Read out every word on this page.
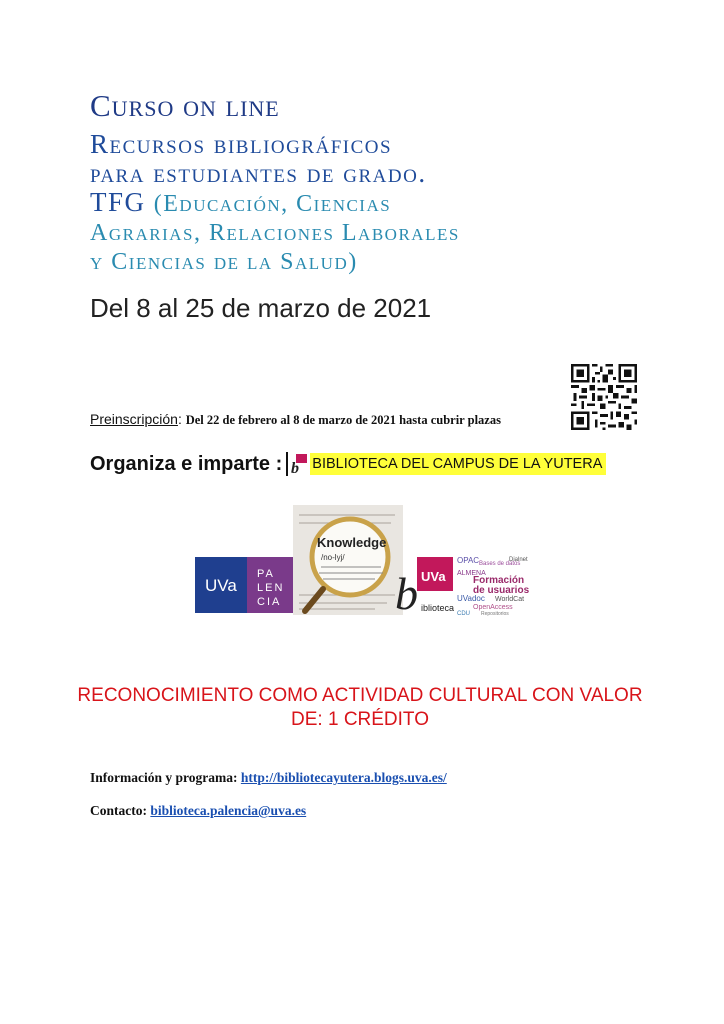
Curso on line
Recursos bibliográficos
para estudiantes de grado.
TFG (Educación, Ciencias
Agrarias, Relaciones Laborales
y Ciencias de la Salud)
Del 8 al 25 de marzo de 2021
Preinscripción: Del 22 de febrero al 8 de marzo de 2021 hasta cubrir plazas
Organiza e imparte : b BIBLIOTECA DEL CAMPUS DE LA YUTERA
UVa
PA
LEN
CIA
Knowledge
/no-lyj/
UVa
b iblioteca
OPAC Bases de datos
Dialnet
ALMENA
Formación
de usuarios
UVadoc WorldCat
OpenAccess
CDU Repositorios
RECONOCIMIENTO COMO ACTIVIDAD CULTURAL CON VALOR
DE: 1 CRÉDITO
Información y programa: http://bibliotecayutera.blogs.uva.es/
Contacto: biblioteca.palencia@uva.es
